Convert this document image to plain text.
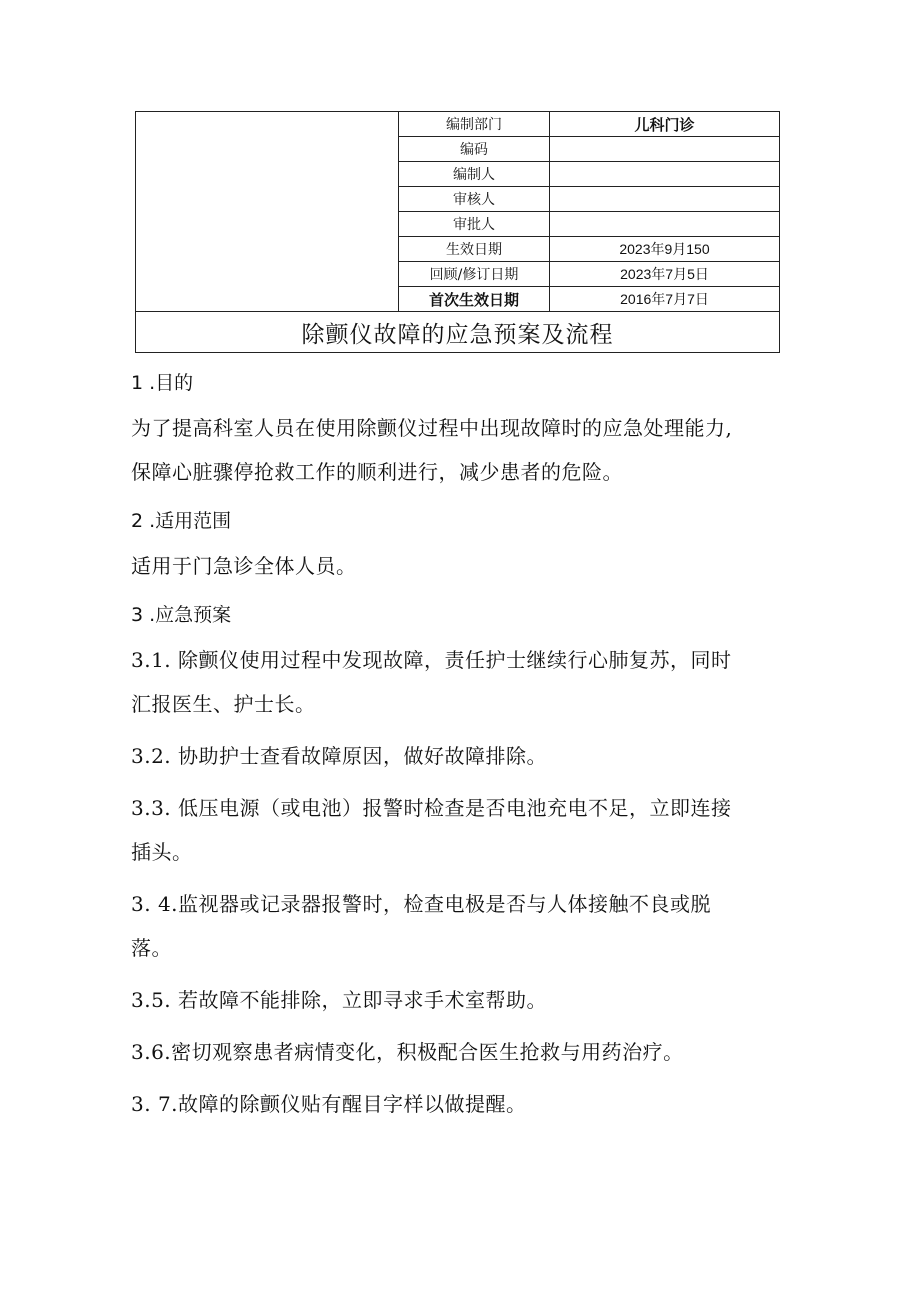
	编制部门	儿科门诊
	编码	
	编制人	
	审核人	
	审批人	
	生效日期	2023年9月150
	回顾/修订日期	2023年7月5日
	首次生效日期	2016年7月7日
除颤仪故障的应急预案及流程		

1 .目的

为了提高科室人员在使用除颤仪过程中出现故障时的应急处理能力,

保障心脏骤停抢救工作的顺利进行，减少患者的危险。

2 .适用范围

适用于门急诊全体人员。

3 .应急预案

3.1. 除颤仪使用过程中发现故障，责任护士继续行心肺复苏，同时

汇报医生、护士长。

3.2. 协助护士查看故障原因，做好故障排除。

3.3. 低压电源（或电池）报警时检查是否电池充电不足，立即连接

插头。

3. 4.监视器或记录器报警时，检查电极是否与人体接触不良或脱

落。

3.5. 若故障不能排除，立即寻求手术室帮助。

3.6.密切观察患者病情变化，积极配合医生抢救与用药治疗。

3. 7.故障的除颤仪贴有醒目字样以做提醒。
